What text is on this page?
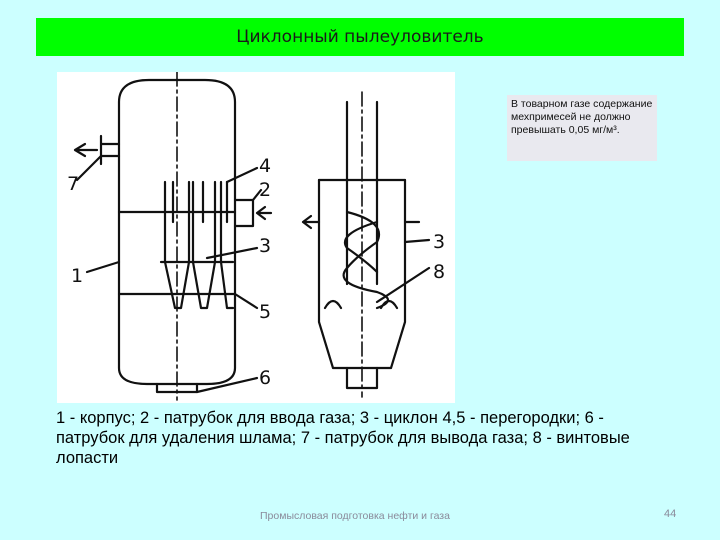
Циклонный пылеуловитель
1
7
4
2
3
5
6
3
8
В товарном газе содержание мехпримесей не должно превышать 0,05 мг/м³.
1 - корпус; 2 - патрубок для ввода газа; 3 - циклон 4,5 - перегородки; 6 - патрубок для удаления шлама; 7 - патрубок для вывода газа; 8 - винтовые лопасти
Промысловая подготовка нефти и газа	44
